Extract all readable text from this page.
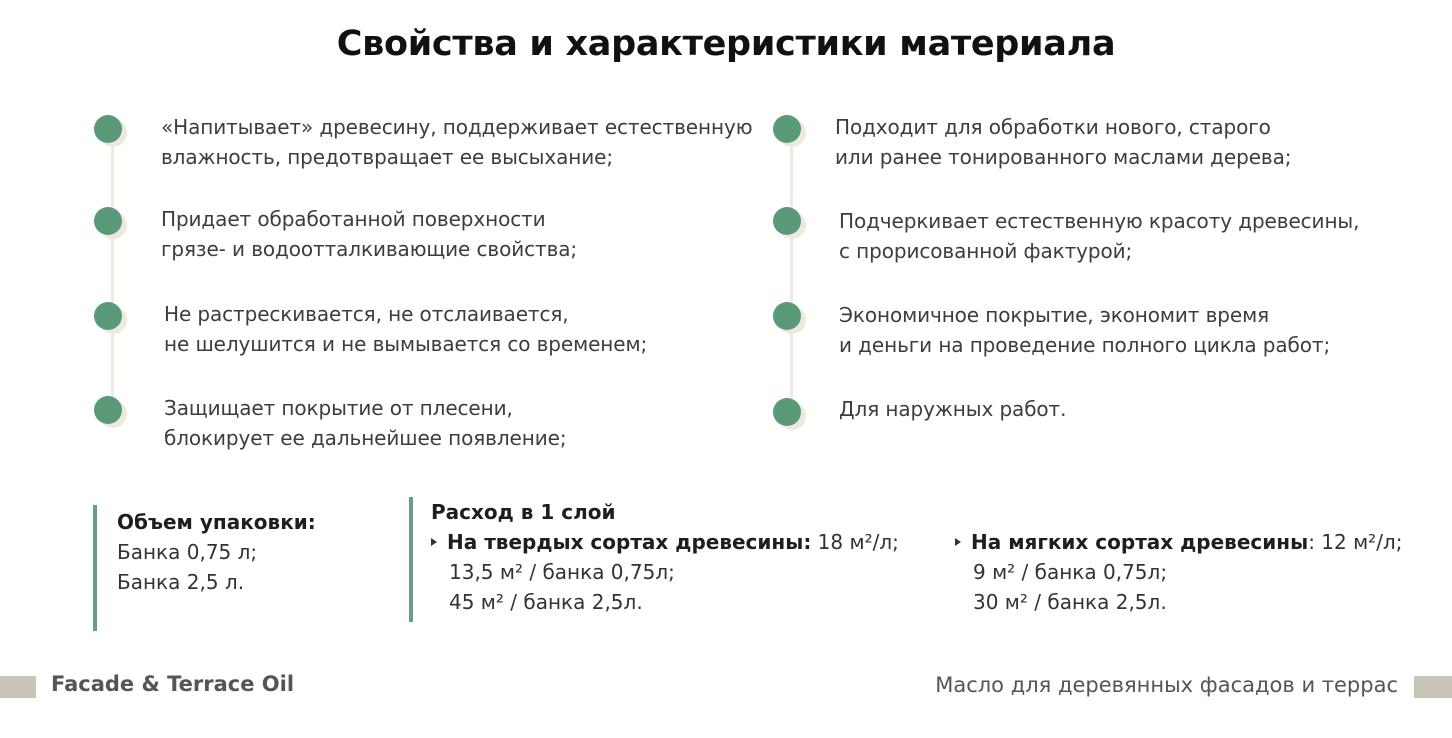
Свойства и характеристики материала
«Напитывает» древесину, поддерживает естественную
влажность, предотвращает ее высыхание;
Придает обработанной поверхности
грязе- и водоотталкивающие свойства;
Не растрескивается, не отслаивается,
не шелушится и не вымывается со временем;
Защищает покрытие от плесени,
блокирует ее дальнейшее появление;
Подходит для обработки нового, старого
или ранее тонированного маслами дерева;
Подчеркивает естественную красоту древесины,
с прорисованной фактурой;
Экономичное покрытие, экономит время
и деньги на проведение полного цикла работ;
Для наружных работ.
Объем упаковки:
Банка 0,75 л;
Банка 2,5 л.
Расход в 1 слой
На твердых сортах древесины: 18 м²/л;
13,5 м² / банка 0,75л;
45 м² / банка 2,5л.
На мягких сортах древесины: 12 м²/л;
9 м² / банка 0,75л;
30 м² / банка 2,5л.
Facade & Terrace Oil	Масло для деревянных фасадов и террас
